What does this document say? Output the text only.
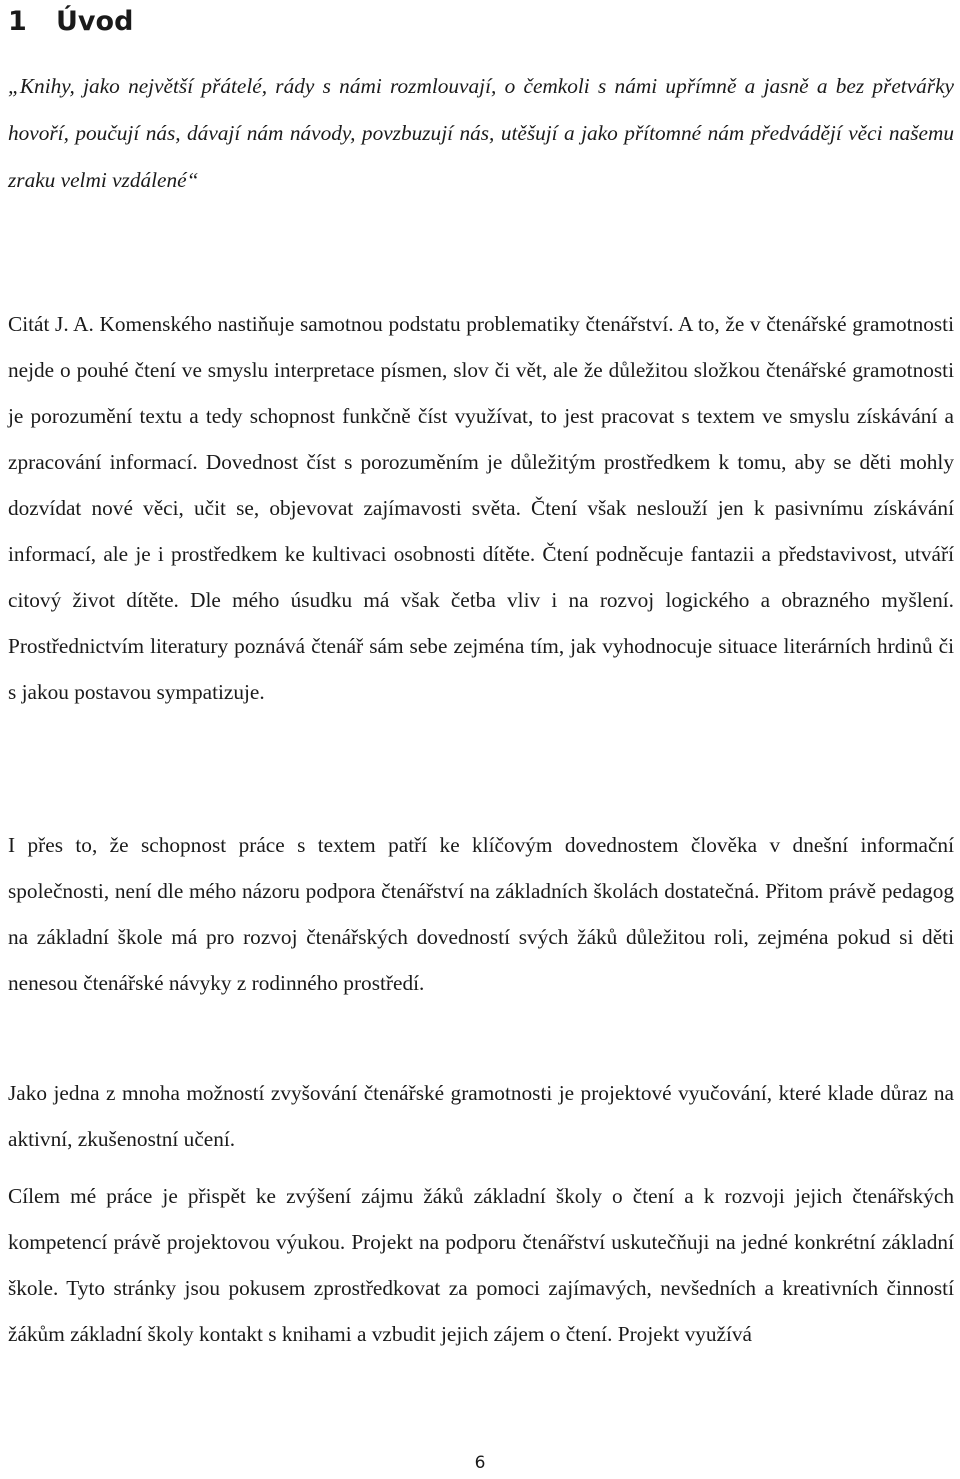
1 Úvod

„Knihy, jako největší přátelé, rády s námi rozmlouvají, o čemkoli s námi upřímně a jasně a bez přetvářky hovoří, poučují nás, dávají nám návody, povzbuzují nás, utěšují a jako přítomné nám předvádějí věci našemu zraku velmi vzdálené“

Citát J. A. Komenského nastiňuje samotnou podstatu problematiky čtenářství. A to, že v čtenářské gramotnosti nejde o pouhé čtení ve smyslu interpretace písmen, slov či vět, ale že důležitou složkou čtenářské gramotnosti je porozumění textu a tedy schopnost funkčně číst využívat, to jest pracovat s textem ve smyslu získávání a zpracování informací. Dovednost číst s porozuměním je důležitým prostředkem k tomu, aby se děti mohly dozvídat nové věci, učit se, objevovat zajímavosti světa. Čtení však neslouží jen k pasivnímu získávání informací, ale je i prostředkem ke kultivaci osobnosti dítěte. Čtení podněcuje fantazii a představivost, utváří citový život dítěte. Dle mého úsudku má však četba vliv i na rozvoj logického a obrazného myšlení. Prostřednictvím literatury poznává čtenář sám sebe zejména tím, jak vyhodnocuje situace literárních hrdinů či s jakou postavou sympatizuje.

I přes to, že schopnost práce s textem patří ke klíčovým dovednostem člověka v dnešní informační společnosti, není dle mého názoru podpora čtenářství na základních školách dostatečná. Přitom právě pedagog na základní škole má pro rozvoj čtenářských dovedností svých žáků důležitou roli, zejména pokud si děti nenesou čtenářské návyky z rodinného prostředí.

Jako jedna z mnoha možností zvyšování čtenářské gramotnosti je projektové vyučování, které klade důraz na aktivní, zkušenostní učení.

Cílem mé práce je přispět ke zvýšení zájmu žáků základní školy o čtení a k rozvoji jejich čtenářských kompetencí právě projektovou výukou. Projekt na podporu čtenářství uskutečňuji na jedné konkrétní základní škole. Tyto stránky jsou pokusem zprostředkovat za pomoci zajímavých, nevšedních a kreativních činností žákům základní školy kontakt s knihami a vzbudit jejich zájem o čtení. Projekt využívá

6
